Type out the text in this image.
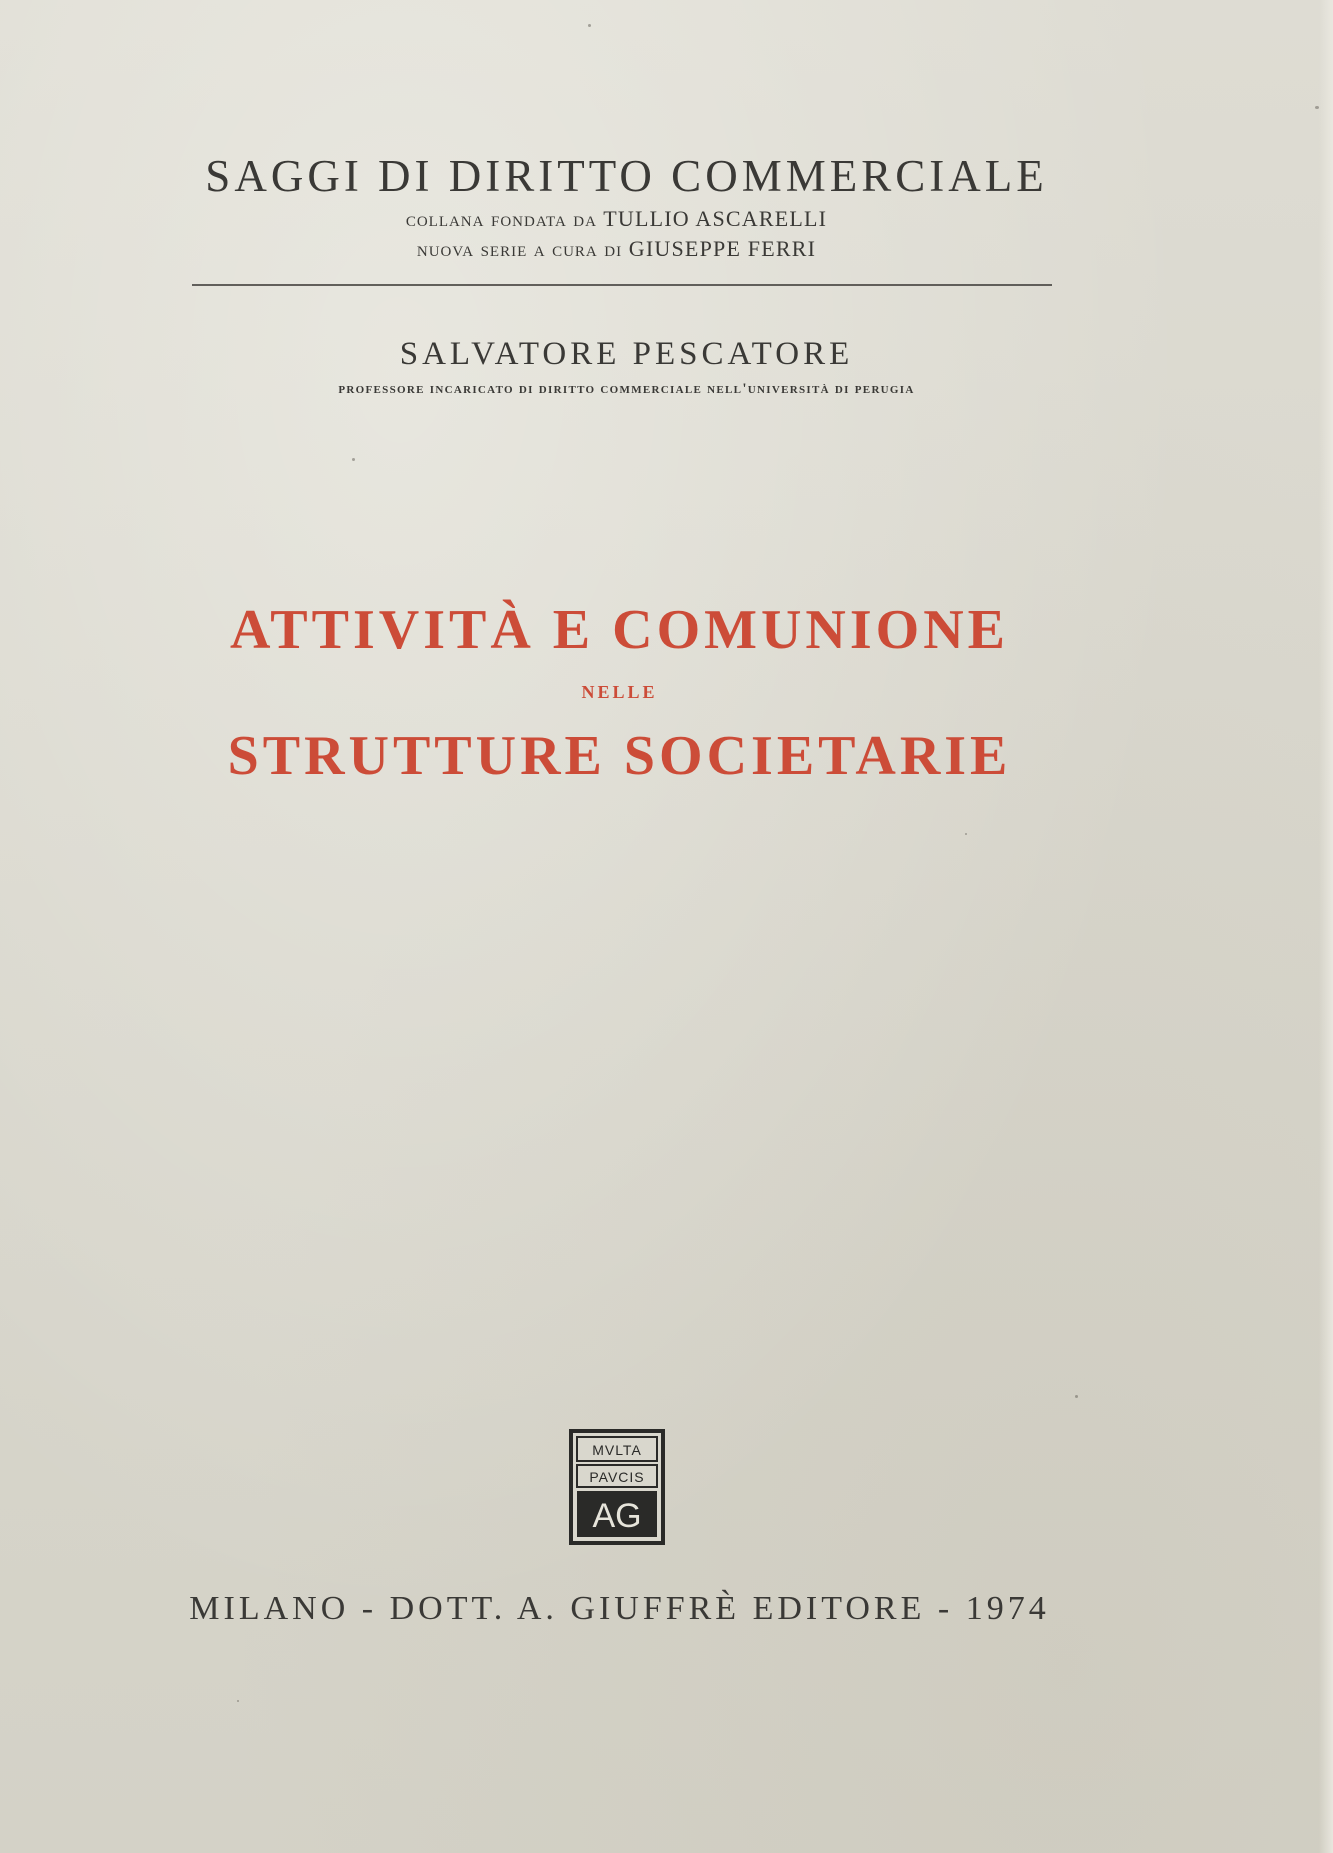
SAGGI DI DIRITTO COMMERCIALE
collana fondata da TULLIO ASCARELLI
nuova serie a cura di GIUSEPPE FERRI
SALVATORE PESCATORE
professore incaricato di diritto commerciale nell'università di perugia
ATTIVITÀ E COMUNIONE
nelle
STRUTTURE SOCIETARIE
MVLTA
PAVCIS
AG
MILANO - DOTT. A. GIUFFRÈ EDITORE - 1974
